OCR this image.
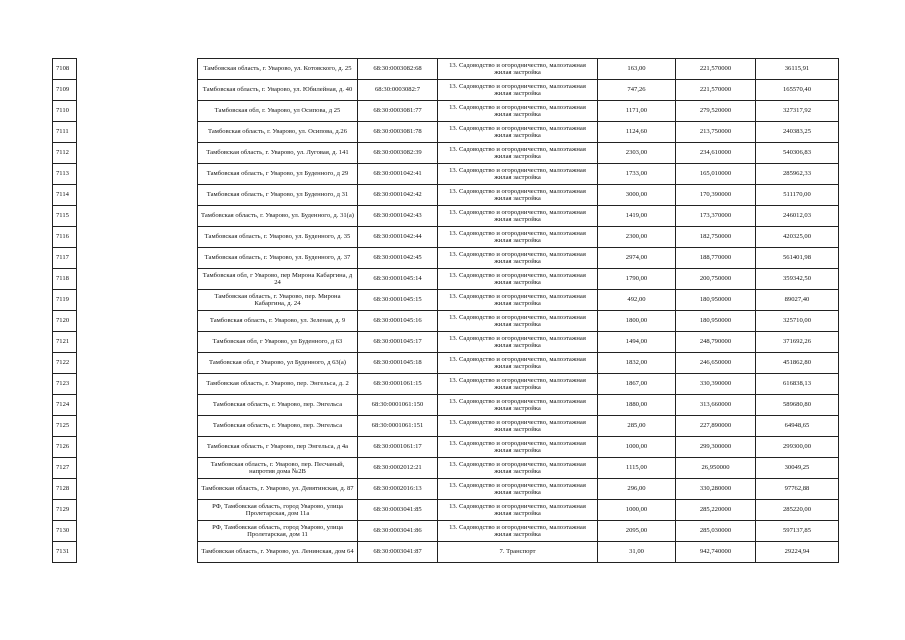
7108		Тамбовская область, г. Уварово, ул. Котовского, д. 25	68:30:0003082:68	13. Садоводство и огородничество, малоэтажная жилая застройка	163,00	221,570000	36115,91
7109		Тамбовская область, г. Уварово, ул. Юбилейная, д. 40	68:30:0003082:7	13. Садоводство и огородничество, малоэтажная жилая застройка	747,26	221,570000	165570,40
7110		Тамбовская обл, г. Уварово, ул Осипова, д 25	68:30:0003081:77	13. Садоводство и огородничество, малоэтажная жилая застройка	1171,00	279,520000	327317,92
7111		Тамбовская область, г. Уварово, ул. Осипова, д.26	68:30:0003081:78	13. Садоводство и огородничество, малоэтажная жилая застройка	1124,60	213,750000	240383,25
7112		Тамбовская область, г. Уварово, ул. Луговая, д. 141	68:30:0003082:39	13. Садоводство и огородничество, малоэтажная жилая застройка	2303,00	234,610000	540306,83
7113		Тамбовская область, г Уварово, ул Буденного, д 29	68:30:0001042:41	13. Садоводство и огородничество, малоэтажная жилая застройка	1733,00	165,010000	285962,33
7114		Тамбовская область, г Уварово, ул Буденного, д 31	68:30:0001042:42	13. Садоводство и огородничество, малоэтажная жилая застройка	3000,00	170,390000	511170,00
7115		Тамбовская область, г. Уварово, ул. Буденного, д. 31(а)	68:30:0001042:43	13. Садоводство и огородничество, малоэтажная жилая застройка	1419,00	173,370000	246012,03
7116		Тамбовская область, г. Уварово, ул. Буденного, д. 35	68:30:0001042:44	13. Садоводство и огородничество, малоэтажная жилая застройка	2300,00	182,750000	420325,00
7117		Тамбовская область, г. Уварово, ул. Буденного, д. 37	68:30:0001042:45	13. Садоводство и огородничество, малоэтажная жилая застройка	2974,00	188,770000	561401,98
7118		Тамбовская обл, г Уварово, пер Мирона Кабаргина, д 24	68:30:0001045:14	13. Садоводство и огородничество, малоэтажная жилая застройка	1790,00	200,750000	359342,50
7119		Тамбовская область, г. Уварово, пер. Мирона Кабаргина, д. 24	68:30:0001045:15	13. Садоводство и огородничество, малоэтажная жилая застройка	492,00	180,950000	89027,40
7120		Тамбовская область, г. Уварово, ул. Зеленая, д. 9	68:30:0001045:16	13. Садоводство и огородничество, малоэтажная жилая застройка	1800,00	180,950000	325710,00
7121		Тамбовская обл, г Уварово, ул Буденного, д 63	68:30:0001045:17	13. Садоводство и огородничество, малоэтажная жилая застройка	1494,00	248,790000	371692,26
7122		Тамбовская обл, г Уварово, ул Буденного, д 63(а)	68:30:0001045:18	13. Садоводство и огородничество, малоэтажная жилая застройка	1832,00	246,650000	451862,80
7123		Тамбовская область, г. Уварово, пер. Энгельса, д. 2	68:30:0001061:15	13. Садоводство и огородничество, малоэтажная жилая застройка	1867,00	330,390000	616838,13
7124		Тамбовская область, г. Уварово, пер. Энгельса	68:30:0001061:150	13. Садоводство и огородничество, малоэтажная жилая застройка	1880,00	313,660000	589680,80
7125		Тамбовская область, г. Уварово, пер. Энгельса	68:30:0001061:151	13. Садоводство и огородничество, малоэтажная жилая застройка	285,00	227,890000	64948,65
7126		Тамбовская область, г Уварово, пер Энгельса, д 4а	68:30:0001061:17	13. Садоводство и огородничество, малоэтажная жилая застройка	1000,00	299,300000	299300,00
7127		Тамбовская область, г. Уварово, пер. Песчаный, напротив дома №2В	68:30:0002012:21	13. Садоводство и огородничество, малоэтажная жилая застройка	1115,00	26,950000	30049,25
7128		Тамбовская область, г. Уварово, ул. Девятинская, д. 87	68:30:0002016:13	13. Садоводство и огородничество, малоэтажная жилая застройка	296,00	330,280000	97762,88
7129		РФ, Тамбовская область, город Уварово, улица Пролетарская, дом 11а	68:30:0003041:85	13. Садоводство и огородничество, малоэтажная жилая застройка	1000,00	285,220000	285220,00
7130		РФ, Тамбовская область, город Уварово, улица Пролетарская, дом 11	68:30:0003041:86	13. Садоводство и огородничество, малоэтажная жилая застройка	2095,00	285,030000	597137,85
7131		Тамбовская область, г. Уварово, ул. Ленинская, дом 64	68:30:0003041:87	7. Транспорт	31,00	942,740000	29224,94
